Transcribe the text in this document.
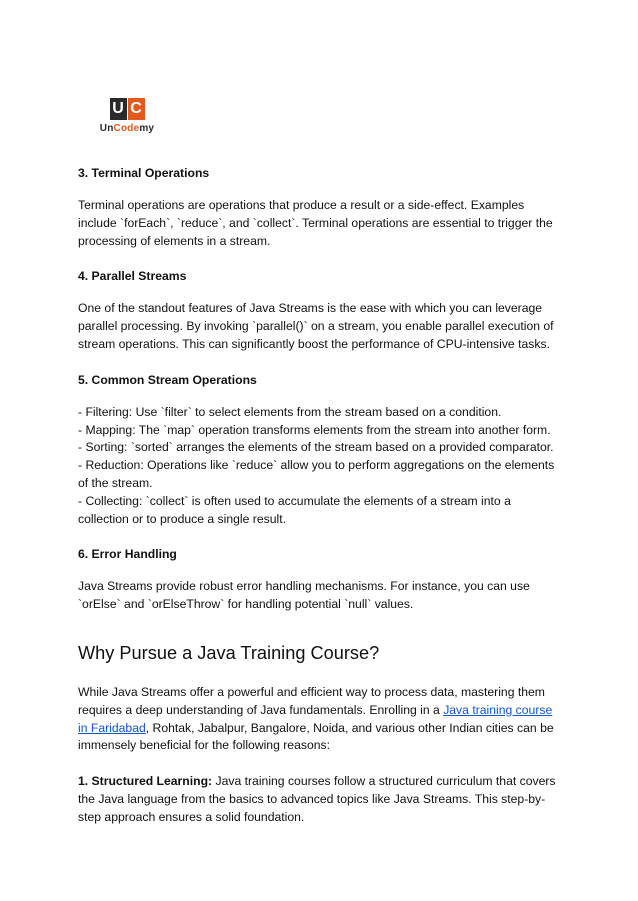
U C
UnCodemy
3. Terminal Operations

Terminal operations are operations that produce a result or a side-effect. Examples include `forEach`, `reduce`, and `collect`. Terminal operations are essential to trigger the processing of elements in a stream.

4. Parallel Streams

One of the standout features of Java Streams is the ease with which you can leverage parallel processing. By invoking `parallel()` on a stream, you enable parallel execution of stream operations. This can significantly boost the performance of CPU-intensive tasks.

5. Common Stream Operations
- Filtering: Use `filter` to select elements from the stream based on a condition.
- Mapping: The `map` operation transforms elements from the stream into another form.
- Sorting: `sorted` arranges the elements of the stream based on a provided comparator.
- Reduction: Operations like `reduce` allow you to perform aggregations on the elements of the stream.
- Collecting: `collect` is often used to accumulate the elements of a stream into a collection or to produce a single result.
6. Error Handling

Java Streams provide robust error handling mechanisms. For instance, you can use `orElse` and `orElseThrow` for handling potential `null` values.

Why Pursue a Java Training Course?

While Java Streams offer a powerful and efficient way to process data, mastering them requires a deep understanding of Java fundamentals. Enrolling in a Java training course in Faridabad, Rohtak, Jabalpur, Bangalore, Noida, and various other Indian cities can be immensely beneficial for the following reasons:

1. Structured Learning: Java training courses follow a structured curriculum that covers the Java language from the basics to advanced topics like Java Streams. This step-by-step approach ensures a solid foundation.
